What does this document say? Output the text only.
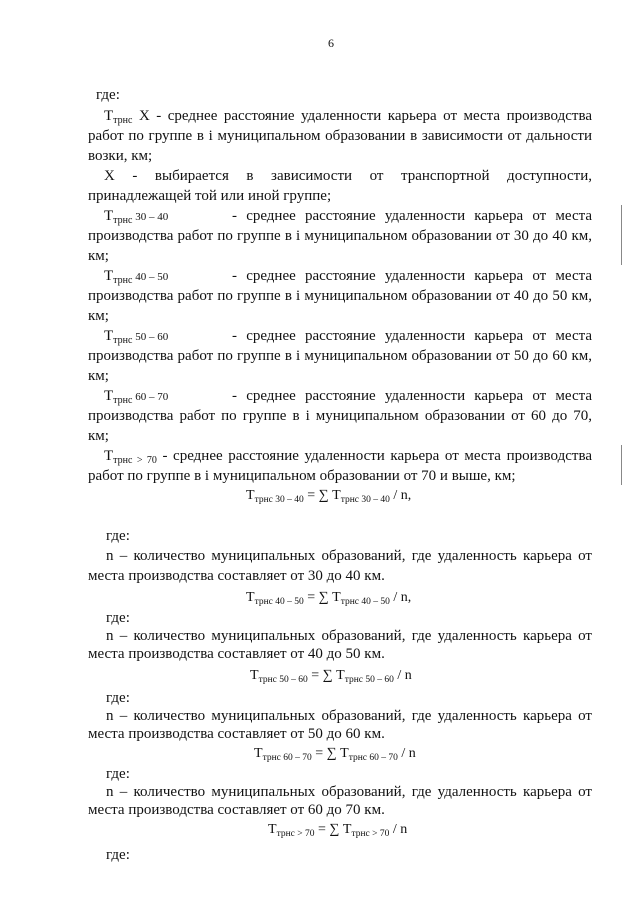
6
где:
$Т_{трнс}$ X - среднее расстояние удаленности карьера от места производства
работ по группе в i муниципальном образовании в зависимости от дальности
возки, км;
X - выбирается в зависимости от транспортной доступности,
принадлежащей той или иной группе;
$Т_{трнс}$ 30 – 40	- среднее расстояние удаленности карьера от места
производства работ по группе в i муниципальном образовании от 30 до 40 км,
км;
$Т_{трнс}$ 40 – 50	- среднее расстояние удаленности карьера от места
производства работ по группе в i муниципальном образовании от 40 до 50 км,
км;
$Т_{трнс}$ 50 – 60	- среднее расстояние удаленности карьера от места
производства работ по группе в i муниципальном образовании от 50 до 60 км,
км;
$Т_{трнс}$ 60 – 70	- среднее расстояние удаленности карьера от места
производства работ по группе в i муниципальном образовании от 60 до 70,
км;
$Т_{трнс > 70}$ - среднее расстояние удаленности карьера от места производства
работ по группе в i муниципальном образовании от 70 и выше, км;
$Т_{трнс 30 - 40}$ = ∑ $Т_{трнс 30 - 40}$ / n,
где:
n – количество муниципальных образований, где удаленность карьера от
места производства составляет от 30 до 40 км.
$Т_{трнс 40 - 50}$ = ∑ $Т_{трнс 40 - 50}$ / n,
где:
n – количество муниципальных образований, где удаленность карьера от
места производства составляет от 40 до 50 км.
$Т_{трнс 50 - 60}$ = ∑ $Т_{трнс 50 - 60}$ / n
где:
n – количество муниципальных образований, где удаленность карьера от
места производства составляет от 50 до 60 км.
$Т_{трнс 60 - 70}$ = ∑ $Т_{трнс 60 - 70}$ / n
где:
n – количество муниципальных образований, где удаленность карьера от
места производства составляет от 60 до 70 км.
$Т_{трнс > 70}$ = ∑ $Т_{трнс > 70}$ / n
где:
